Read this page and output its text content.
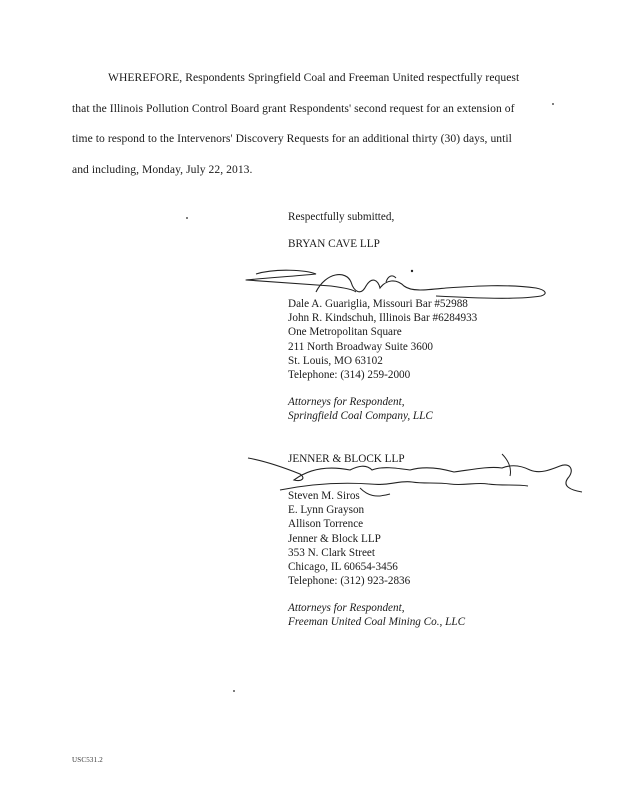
WHEREFORE, Respondents Springfield Coal and Freeman United respectfully request
that the Illinois Pollution Control Board grant Respondents' second request for an extension of
time to respond to the Intervenors' Discovery Requests for an additional thirty (30) days, until
and including, Monday, July 22, 2013.
Respectfully submitted,
BRYAN CAVE LLP
Dale A. Guariglia, Missouri Bar #52988
John R. Kindschuh, Illinois Bar #6284933
One Metropolitan Square
211 North Broadway Suite 3600
St. Louis, MO 63102
Telephone: (314) 259-2000
Attorneys for Respondent,
Springfield Coal Company, LLC
JENNER & BLOCK LLP
Steven M. Siros
E. Lynn Grayson
Allison Torrence
Jenner & Block LLP
353 N. Clark Street
Chicago, IL 60654-3456
Telephone: (312) 923-2836
Attorneys for Respondent,
Freeman United Coal Mining Co., LLC
USC531.2
